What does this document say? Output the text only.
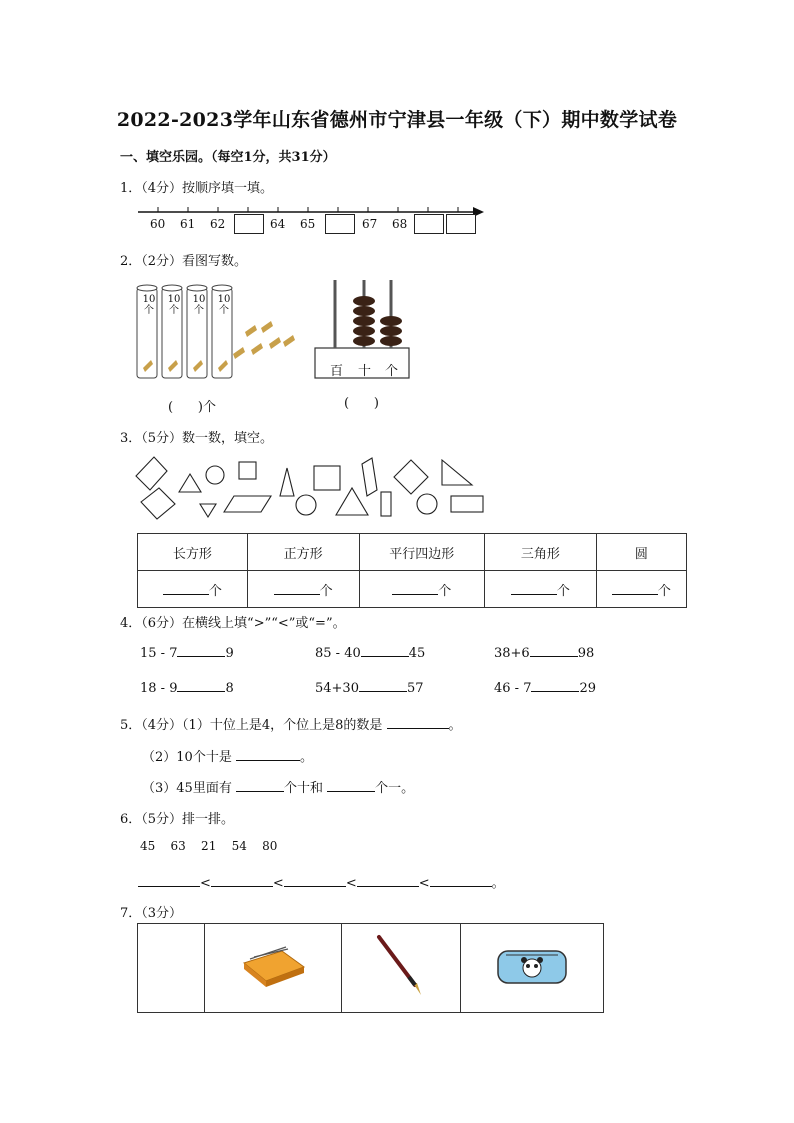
2022-2023学年山东省德州市宁津县一年级（下）期中数学试卷
一、填空乐园。（每空1分，共31分）
1．（4分）按顺序填一填。
60 61 62	64 65	67 68
2．（2分）看图写数。
10
个
10
个
10
个
10
个
百 十 个
(      )个	(      )
3．（5分）数一数，填空。
长方形	正方形	平行四边形	三角形	圆
个	个	个	个	个
4．（6分）在横线上填“>”“<”或“=”。
15 - 7	9	85 - 40	45	38+6	98
18 - 9	8	54+30	57	46 - 7	29
5．（4分）（1）十位上是4，个位上是8的数是	。
（2）10个十是	。
（3）45里面有	个十和	个一。
6．（5分）排一排。
45    63    21    54    80
<	<	<	<	。
7．（3分）
